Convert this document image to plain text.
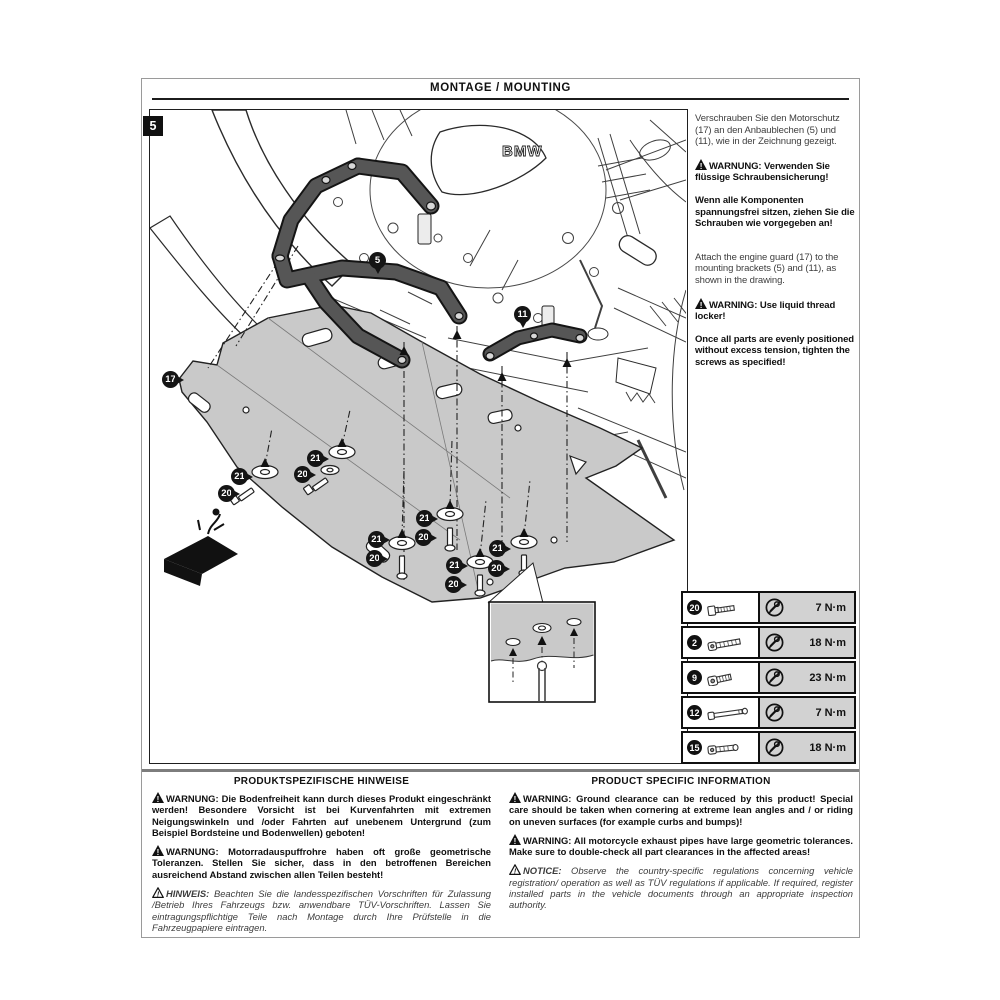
MONTAGE / MOUNTING
BMW
5
11
17
21
20
21
20
21
20
21
20
21
20
21
20
5

Verschrauben Sie den Motorschutz (17) an den Anbaublechen (5) und (11), wie in der Zeichnung gezeigt.

! WARNUNG: Verwenden Sie flüssige Schraubensicherung!

Wenn alle Komponenten spannungsfrei sitzen, ziehen Sie die Schrauben wie vorgegeben an!

Attach the engine guard (17) to the mounting brackets (5) and (11), as shown in the drawing.

! WARNING: Use liquid thread locker!

Once all parts are evenly positioned without excess tension, tighten the screws as specified!

20	7 N·m
2	18 N·m
9	23 N·m
12	7 N·m
15	18 N·m
PRODUKTSPEZIFISCHE HINWEISE

! WARNUNG: Die Bodenfreiheit kann durch dieses Produkt eingeschränkt werden! Besondere Vorsicht ist bei Kurvenfahrten mit extremen Neigungswinkeln und /oder Fahrten auf unebenem Untergrund (zum Beispiel Bordsteine und Bodenwellen) geboten!

! WARNUNG: Motorradauspuffrohre haben oft große geometrische Toleranzen. Stellen Sie sicher, dass in den betroffenen Bereichen ausreichend Abstand zwischen allen Teilen besteht!

! HINWEIS: Beachten Sie die landesspezifischen Vorschriften für Zulassung /Betrieb Ihres Fahrzeugs bzw. anwendbare TÜV-Vorschriften. Lassen Sie eintragungspflichtige Teile nach Montage durch Ihre Prüfstelle in die Fahrzeugpapiere eintragen.

PRODUCT SPECIFIC INFORMATION

! WARNING: Ground clearance can be reduced by this product! Special care should be taken when cornering at extreme lean angles and / or riding on uneven surfaces (for example curbs and bumps)!

! WARNING: All motorcycle exhaust pipes have large geometric tolerances. Make sure to double-check all part clearances in the affected areas!

! NOTICE: Observe the country-specific regulations concerning vehicle registration/ operation as well as TÜV regulations if applicable. If required, register installed parts in the vehicle documents through an appropriate inspection authority.
